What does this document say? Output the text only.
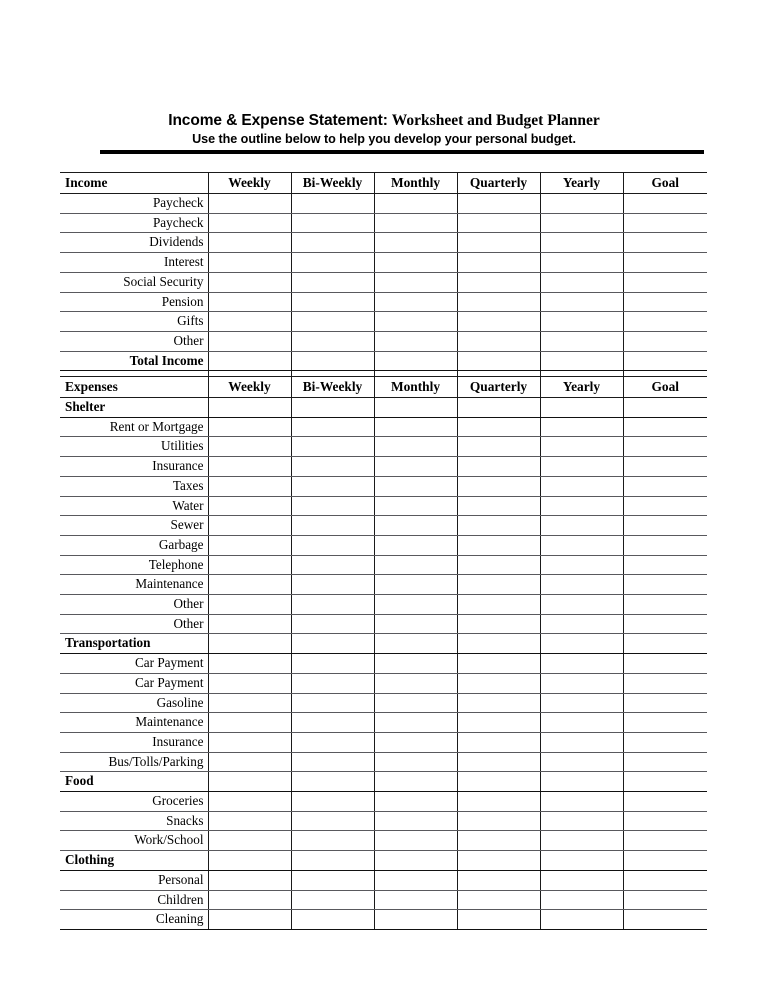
Income & Expense Statement: Worksheet and Budget Planner
Use the outline below to help you develop your personal budget.
Income	Weekly	Bi-Weekly	Monthly	Quarterly	Yearly	Goal
Paycheck						
Paycheck						
Dividends						
Interest						
Social Security						
Pension						
Gifts						
Other						
Total Income						

Expenses	Weekly	Bi-Weekly	Monthly	Quarterly	Yearly	Goal
Shelter						
Rent or Mortgage						
Utilities						
Insurance						
Taxes						
Water						
Sewer						
Garbage						
Telephone						
Maintenance						
Other						
Other						
Transportation						
Car Payment						
Car Payment						
Gasoline						
Maintenance						
Insurance						
Bus/Tolls/Parking						
Food						
Groceries						
Snacks						
Work/School						
Clothing						
Personal						
Children						
Cleaning						
